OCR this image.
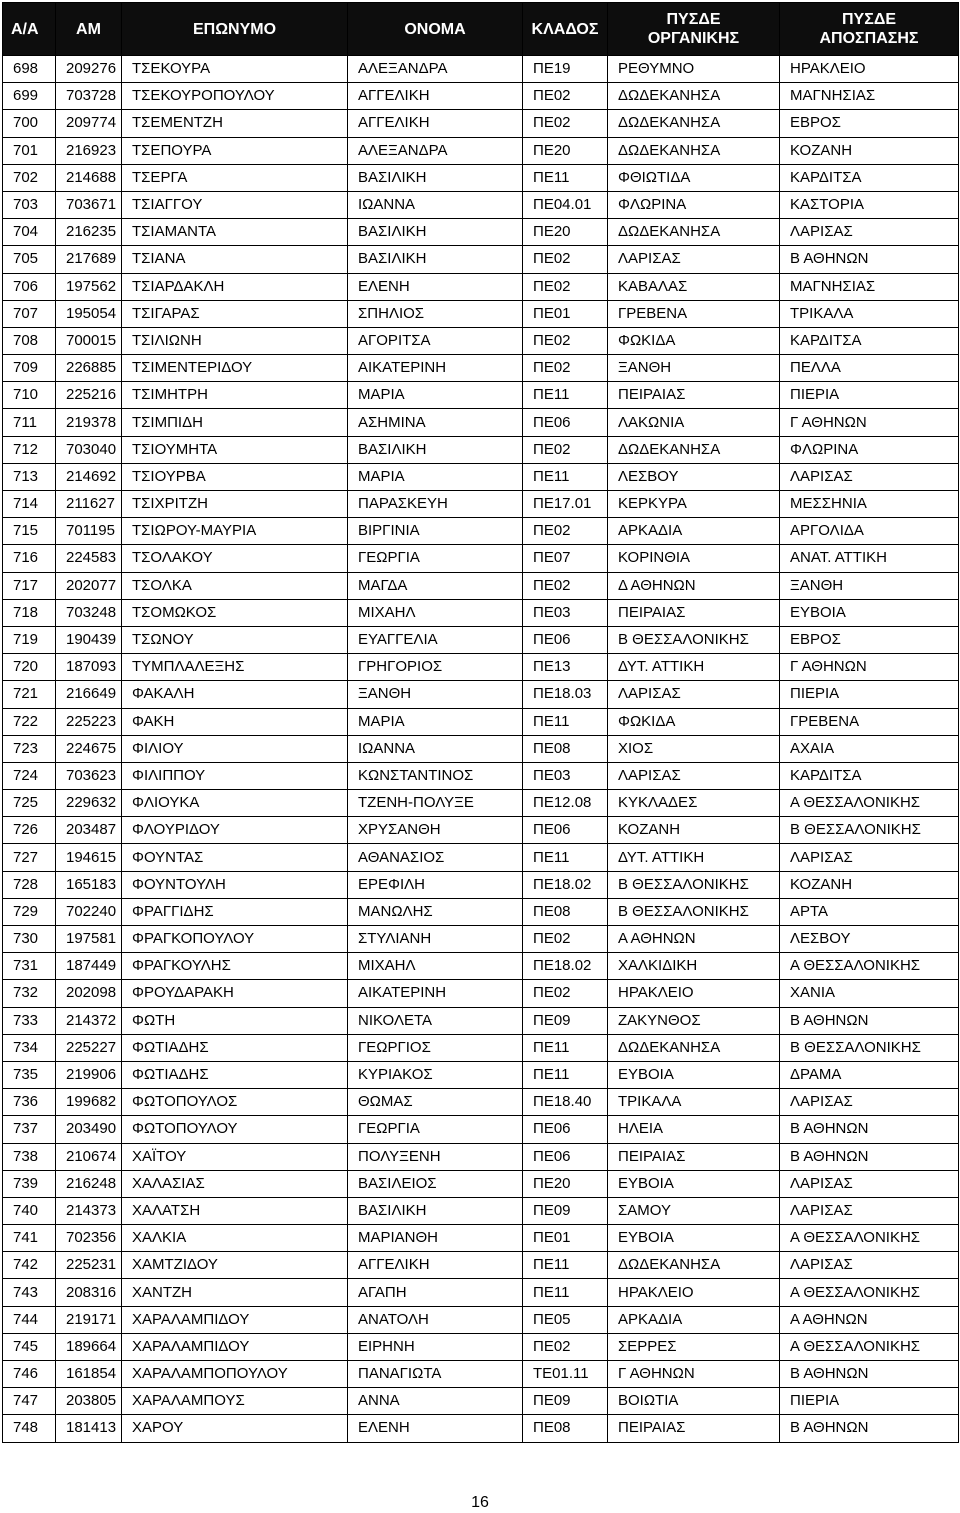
Α/Α	ΑΜ	ΕΠΩΝΥΜΟ	ΟΝΟΜΑ	ΚΛΑΔΟΣ	ΠΥΣΔΕ ΟΡΓΑΝΙΚΗΣ	ΠΥΣΔΕ ΑΠΟΣΠΑΣΗΣ
698	209276	ΤΣΕΚΟΥΡΑ	ΑΛΕΞΑΝΔΡΑ	ΠΕ19	ΡΕΘΥΜΝΟ	ΗΡΑΚΛΕΙΟ
699	703728	ΤΣΕΚΟΥΡΟΠΟΥΛΟΥ	ΑΓΓΕΛΙΚΗ	ΠΕ02	ΔΩΔΕΚΑΝΗΣΑ	ΜΑΓΝΗΣΙΑΣ
700	209774	ΤΣΕΜΕΝΤΖΗ	ΑΓΓΕΛΙΚΗ	ΠΕ02	ΔΩΔΕΚΑΝΗΣΑ	ΕΒΡΟΣ
701	216923	ΤΣΕΠΟΥΡΑ	ΑΛΕΞΑΝΔΡΑ	ΠΕ20	ΔΩΔΕΚΑΝΗΣΑ	ΚΟΖΑΝΗ
702	214688	ΤΣΕΡΓΑ	ΒΑΣΙΛΙΚΗ	ΠΕ11	ΦΘΙΩΤΙΔΑ	ΚΑΡΔΙΤΣΑ
703	703671	ΤΣΙΑΓΓΟΥ	ΙΩΑΝΝΑ	ΠΕ04.01	ΦΛΩΡΙΝΑ	ΚΑΣΤΟΡΙΑ
704	216235	ΤΣΙΑΜΑΝΤΑ	ΒΑΣΙΛΙΚΗ	ΠΕ20	ΔΩΔΕΚΑΝΗΣΑ	ΛΑΡΙΣΑΣ
705	217689	ΤΣΙΑΝΑ	ΒΑΣΙΛΙΚΗ	ΠΕ02	ΛΑΡΙΣΑΣ	Β ΑΘΗΝΩΝ
706	197562	ΤΣΙΑΡΔΑΚΛΗ	ΕΛΕΝΗ	ΠΕ02	ΚΑΒΑΛΑΣ	ΜΑΓΝΗΣΙΑΣ
707	195054	ΤΣΙΓΑΡΑΣ	ΣΠΗΛΙΟΣ	ΠΕ01	ΓΡΕΒΕΝΑ	ΤΡΙΚΑΛΑ
708	700015	ΤΣΙΛΙΩΝΗ	ΑΓΟΡΙΤΣΑ	ΠΕ02	ΦΩΚΙΔΑ	ΚΑΡΔΙΤΣΑ
709	226885	ΤΣΙΜΕΝΤΕΡΙΔΟΥ	ΑΙΚΑΤΕΡΙΝΗ	ΠΕ02	ΞΑΝΘΗ	ΠΕΛΛΑ
710	225216	ΤΣΙΜΗΤΡΗ	ΜΑΡΙΑ	ΠΕ11	ΠΕΙΡΑΙΑΣ	ΠΙΕΡΙΑ
711	219378	ΤΣΙΜΠΙΔΗ	ΑΣΗΜΙΝΑ	ΠΕ06	ΛΑΚΩΝΙΑ	Γ ΑΘΗΝΩΝ
712	703040	ΤΣΙΟΥΜΗΤΑ	ΒΑΣΙΛΙΚΗ	ΠΕ02	ΔΩΔΕΚΑΝΗΣΑ	ΦΛΩΡΙΝΑ
713	214692	ΤΣΙΟΥΡΒΑ	ΜΑΡΙΑ	ΠΕ11	ΛΕΣΒΟΥ	ΛΑΡΙΣΑΣ
714	211627	ΤΣΙΧΡΙΤΖΗ	ΠΑΡΑΣΚΕΥΗ	ΠΕ17.01	ΚΕΡΚΥΡΑ	ΜΕΣΣΗΝΙΑ
715	701195	ΤΣΙΩΡΟΥ-ΜΑΥΡΙΑ	ΒΙΡΓΙΝΙΑ	ΠΕ02	ΑΡΚΑΔΙΑ	ΑΡΓΟΛΙΔΑ
716	224583	ΤΣΟΛΑΚΟΥ	ΓΕΩΡΓΙΑ	ΠΕ07	ΚΟΡΙΝΘΙΑ	ΑΝΑΤ. ΑΤΤΙΚΗ
717	202077	ΤΣΟΛΚΑ	ΜΑΓΔΑ	ΠΕ02	Δ ΑΘΗΝΩΝ	ΞΑΝΘΗ
718	703248	ΤΣΟΜΩΚΟΣ	ΜΙΧΑΗΛ	ΠΕ03	ΠΕΙΡΑΙΑΣ	ΕΥΒΟΙΑ
719	190439	ΤΣΩΝΟΥ	ΕΥΑΓΓΕΛΙΑ	ΠΕ06	Β ΘΕΣΣΑΛΟΝΙΚΗΣ	ΕΒΡΟΣ
720	187093	ΤΥΜΠΛΑΛΕΞΗΣ	ΓΡΗΓΟΡΙΟΣ	ΠΕ13	ΔΥΤ. ΑΤΤΙΚΗ	Γ ΑΘΗΝΩΝ
721	216649	ΦΑΚΑΛΗ	ΞΑΝΘΗ	ΠΕ18.03	ΛΑΡΙΣΑΣ	ΠΙΕΡΙΑ
722	225223	ΦΑΚΗ	ΜΑΡΙΑ	ΠΕ11	ΦΩΚΙΔΑ	ΓΡΕΒΕΝΑ
723	224675	ΦΙΛΙΟΥ	ΙΩΑΝΝΑ	ΠΕ08	ΧΙΟΣ	ΑΧΑΙΑ
724	703623	ΦΙΛΙΠΠΟΥ	ΚΩΝΣΤΑΝΤΙΝΟΣ	ΠΕ03	ΛΑΡΙΣΑΣ	ΚΑΡΔΙΤΣΑ
725	229632	ΦΛΙΟΥΚΑ	ΤΖΕΝΗ-ΠΟΛΥΞΕ	ΠΕ12.08	ΚΥΚΛΑΔΕΣ	Α ΘΕΣΣΑΛΟΝΙΚΗΣ
726	203487	ΦΛΟΥΡΙΔΟΥ	ΧΡΥΣΑΝΘΗ	ΠΕ06	ΚΟΖΑΝΗ	Β ΘΕΣΣΑΛΟΝΙΚΗΣ
727	194615	ΦΟΥΝΤΑΣ	ΑΘΑΝΑΣΙΟΣ	ΠΕ11	ΔΥΤ. ΑΤΤΙΚΗ	ΛΑΡΙΣΑΣ
728	165183	ΦΟΥΝΤΟΥΛΗ	ΕΡΕΦΙΛΗ	ΠΕ18.02	Β ΘΕΣΣΑΛΟΝΙΚΗΣ	ΚΟΖΑΝΗ
729	702240	ΦΡΑΓΓΙΔΗΣ	ΜΑΝΩΛΗΣ	ΠΕ08	Β ΘΕΣΣΑΛΟΝΙΚΗΣ	ΑΡΤΑ
730	197581	ΦΡΑΓΚΟΠΟΥΛΟΥ	ΣΤΥΛΙΑΝΗ	ΠΕ02	Α ΑΘΗΝΩΝ	ΛΕΣΒΟΥ
731	187449	ΦΡΑΓΚΟΥΛΗΣ	ΜΙΧΑΗΛ	ΠΕ18.02	ΧΑΛΚΙΔΙΚΗ	Α ΘΕΣΣΑΛΟΝΙΚΗΣ
732	202098	ΦΡΟΥΔΑΡΑΚΗ	ΑΙΚΑΤΕΡΙΝΗ	ΠΕ02	ΗΡΑΚΛΕΙΟ	ΧΑΝΙΑ
733	214372	ΦΩΤΗ	ΝΙΚΟΛΕΤΑ	ΠΕ09	ΖΑΚΥΝΘΟΣ	Β ΑΘΗΝΩΝ
734	225227	ΦΩΤΙΑΔΗΣ	ΓΕΩΡΓΙΟΣ	ΠΕ11	ΔΩΔΕΚΑΝΗΣΑ	Β ΘΕΣΣΑΛΟΝΙΚΗΣ
735	219906	ΦΩΤΙΑΔΗΣ	ΚΥΡΙΑΚΟΣ	ΠΕ11	ΕΥΒΟΙΑ	ΔΡΑΜΑ
736	199682	ΦΩΤΟΠΟΥΛΟΣ	ΘΩΜΑΣ	ΠΕ18.40	ΤΡΙΚΑΛΑ	ΛΑΡΙΣΑΣ
737	203490	ΦΩΤΟΠΟΥΛΟΥ	ΓΕΩΡΓΙΑ	ΠΕ06	ΗΛΕΙΑ	Β ΑΘΗΝΩΝ
738	210674	ΧΑΪΤΟΥ	ΠΟΛΥΞΕΝΗ	ΠΕ06	ΠΕΙΡΑΙΑΣ	Β ΑΘΗΝΩΝ
739	216248	ΧΑΛΑΣΙΑΣ	ΒΑΣΙΛΕΙΟΣ	ΠΕ20	ΕΥΒΟΙΑ	ΛΑΡΙΣΑΣ
740	214373	ΧΑΛΑΤΣΗ	ΒΑΣΙΛΙΚΗ	ΠΕ09	ΣΑΜΟΥ	ΛΑΡΙΣΑΣ
741	702356	ΧΑΛΚΙΑ	ΜΑΡΙΑΝΘΗ	ΠΕ01	ΕΥΒΟΙΑ	Α ΘΕΣΣΑΛΟΝΙΚΗΣ
742	225231	ΧΑΜΤΖΙΔΟΥ	ΑΓΓΕΛΙΚΗ	ΠΕ11	ΔΩΔΕΚΑΝΗΣΑ	ΛΑΡΙΣΑΣ
743	208316	ΧΑΝΤΖΗ	ΑΓΑΠΗ	ΠΕ11	ΗΡΑΚΛΕΙΟ	Α ΘΕΣΣΑΛΟΝΙΚΗΣ
744	219171	ΧΑΡΑΛΑΜΠΙΔΟΥ	ΑΝΑΤΟΛΗ	ΠΕ05	ΑΡΚΑΔΙΑ	Α ΑΘΗΝΩΝ
745	189664	ΧΑΡΑΛΑΜΠΙΔΟΥ	ΕΙΡΗΝΗ	ΠΕ02	ΣΕΡΡΕΣ	Α ΘΕΣΣΑΛΟΝΙΚΗΣ
746	161854	ΧΑΡΑΛΑΜΠΟΠΟΥΛΟΥ	ΠΑΝΑΓΙΩΤΑ	ΤΕ01.11	Γ ΑΘΗΝΩΝ	Β ΑΘΗΝΩΝ
747	203805	ΧΑΡΑΛΑΜΠΟΥΣ	ΑΝΝΑ	ΠΕ09	ΒΟΙΩΤΙΑ	ΠΙΕΡΙΑ
748	181413	ΧΑΡΟΥ	ΕΛΕΝΗ	ΠΕ08	ΠΕΙΡΑΙΑΣ	Β ΑΘΗΝΩΝ
16
